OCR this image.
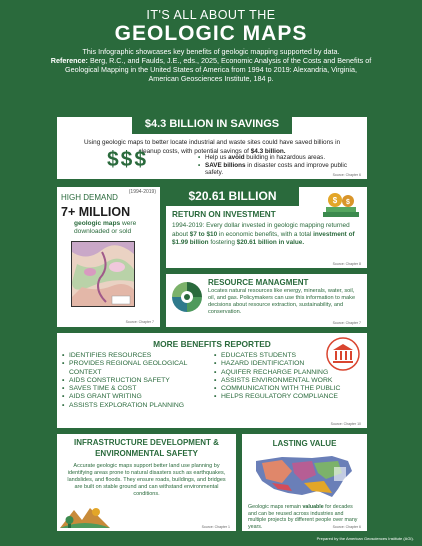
IT'S ALL ABOUT THE
GEOLOGIC MAPS
This Infographic showcases key benefits of geologic mapping supported by data.
Reference: Berg, R.C., and Faulds, J.E., eds., 2025, Economic Analysis of the Costs and Benefits of Geological Mapping in the United States of America from 1994 to 2019: Alexandria, Virginia, American Geosciences Institute, 184 p.
$4.3 BILLION IN SAVINGS
Using geologic maps to better locate industrial and waste sites could have saved billions in cleanup costs, with potential savings of $4.3 billion.
$$$
•	Help us avoid building in hazardous areas.
• SAVE billions in disaster costs and improve public safety.	Source: Chapter 6
HIGH DEMAND
(1994-2019)
7+ MILLION
geologic maps were downloaded or sold
Source: Chapter 7
$20.61 BILLION
RETURN ON INVESTMENT
$ $
1994-2019: Every dollar invested in geologic mapping returned about $7 to $10 in economic benefits, with a total investment of $1.99 billion fostering $20.61 billion in value.
Source: Chapter 8
RESOURCE MANAGMENT
Locates natural resources like energy, minerals, water, soil, oil, and gas. Policymakers can use this information to make decisions about resource extraction, sustainability, and conservation.
Source: Chapter 7
MORE BENEFITS REPORTED
• IDENTIFIES RESOURCES
• PROVIDES REGIONAL GEOLOGICAL CONTEXT
• AIDS CONSTRUCTION SAFETY
• SAVES TIME & COST
• AIDS GRANT WRITING
• ASSISTS EXPLORATION PLANNING
• EDUCATES STUDENTS
• HAZARD IDENTIFICATION
• AQUIFER RECHARGE PLANNING
• ASSISTS ENVIRONMENTAL WORK
• COMMUNICATION WITH THE PUBLIC
• HELPS REGULATORY COMPLIANCE
Source: Chapter 10
INFRASTRUCTURE DEVELOPMENT & ENVIRONMENTAL SAFETY
Accurate geologic maps support better land use planning by identifying areas prone to natural disasters such as earthquakes, landslides, and floods. They ensure roads, buildings, and bridges are built on stable ground and can withstand environmental conditions.
Source: Chapter 1
LASTING VALUE
Geologic maps remain valuable for decades and can be reused across industries and multiple projects by different people over many years.	Source: Chapter 6
Prepared by the American Geosciences Institute (AGI).
